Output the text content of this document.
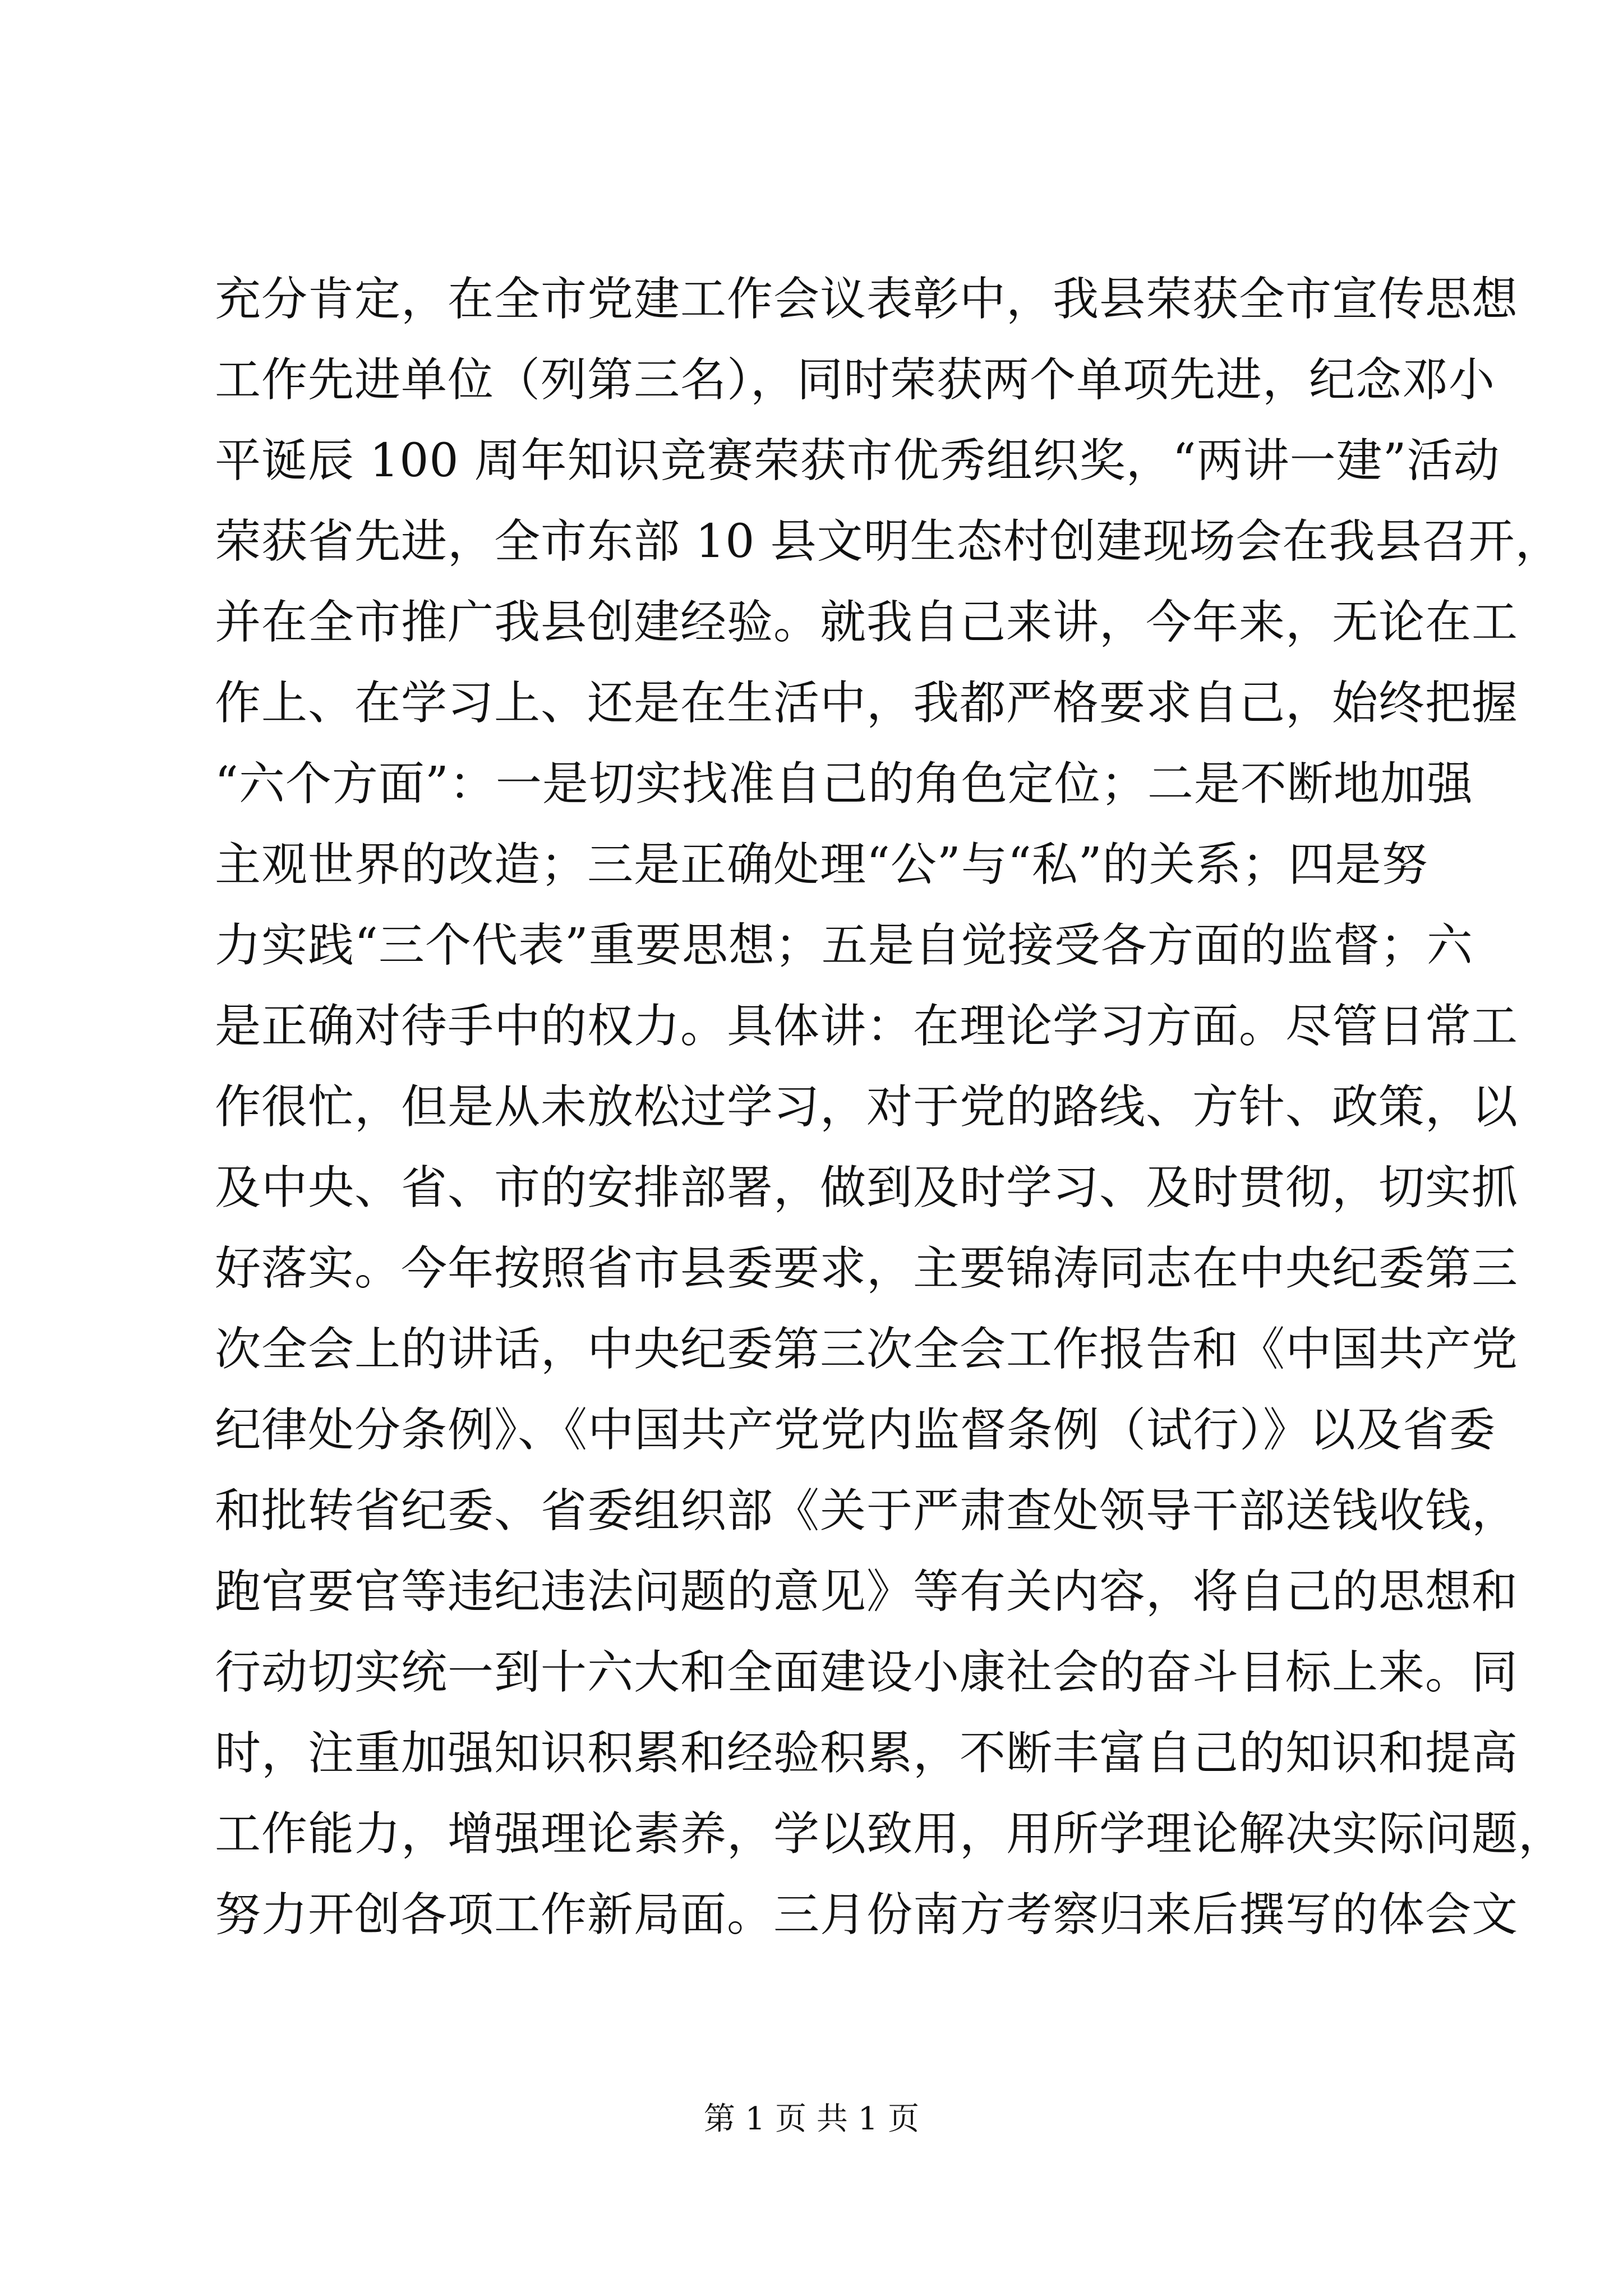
充分肯定，在全市党建工作会议表彰中，我县荣获全市宣传思想
工作先进单位（列第三名），同时荣获两个单项先进，纪念邓小
平诞辰 100 周年知识竞赛荣获市优秀组织奖，“两讲一建”活动
荣获省先进，全市东部 10 县文明生态村创建现场会在我县召开，
并在全市推广我县创建经验。就我自己来讲，今年来，无论在工
作上、在学习上、还是在生活中，我都严格要求自己，始终把握
“六个方面”：一是切实找准自己的角色定位；二是不断地加强
主观世界的改造；三是正确处理“公”与“私”的关系；四是努
力实践“三个代表”重要思想；五是自觉接受各方面的监督；六
是正确对待手中的权力。具体讲：在理论学习方面。尽管日常工
作很忙，但是从未放松过学习，对于党的路线、方针、政策，以
及中央、省、市的安排部署，做到及时学习、及时贯彻，切实抓
好落实。今年按照省市县委要求，主要锦涛同志在中央纪委第三
次全会上的讲话，中央纪委第三次全会工作报告和《中国共产党
纪律处分条例》、《中国共产党党内监督条例（试行）》以及省委
和批转省纪委、省委组织部《关于严肃查处领导干部送钱收钱，
跑官要官等违纪违法问题的意见》等有关内容，将自己的思想和
行动切实统一到十六大和全面建设小康社会的奋斗目标上来。同
时，注重加强知识积累和经验积累，不断丰富自己的知识和提高
工作能力，增强理论素养，学以致用，用所学理论解决实际问题，
努力开创各项工作新局面。三月份南方考察归来后撰写的体会文
第 1 页 共 1 页
